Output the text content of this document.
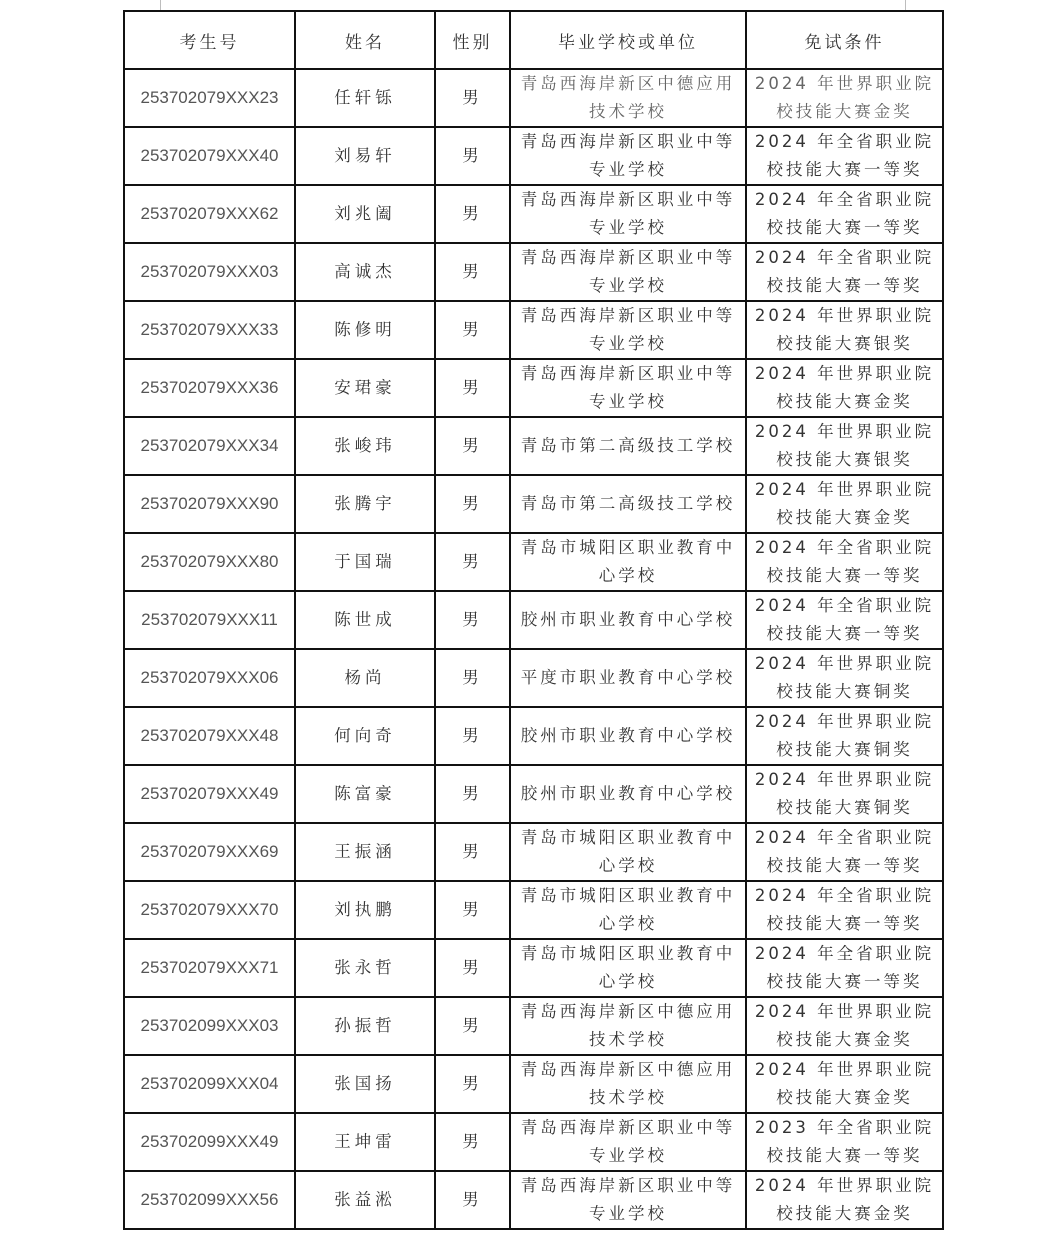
考生号	姓名	性别	毕业学校或单位	免试条件
253702079XXX23	任轩铄	男	青岛西海岸新区中德应用技术学校	2024 年世界职业院校技能大赛金奖
253702079XXX40	刘易轩	男	青岛西海岸新区职业中等专业学校	2024 年全省职业院校技能大赛一等奖
253702079XXX62	刘兆阖	男	青岛西海岸新区职业中等专业学校	2024 年全省职业院校技能大赛一等奖
253702079XXX03	高诚杰	男	青岛西海岸新区职业中等专业学校	2024 年全省职业院校技能大赛一等奖
253702079XXX33	陈修明	男	青岛西海岸新区职业中等专业学校	2024 年世界职业院校技能大赛银奖
253702079XXX36	安珺豪	男	青岛西海岸新区职业中等专业学校	2024 年世界职业院校技能大赛金奖
253702079XXX34	张峻玮	男	青岛市第二高级技工学校	2024 年世界职业院校技能大赛银奖
253702079XXX90	张腾宇	男	青岛市第二高级技工学校	2024 年世界职业院校技能大赛金奖
253702079XXX80	于国瑞	男	青岛市城阳区职业教育中心学校	2024 年全省职业院校技能大赛一等奖
253702079XXX11	陈世成	男	胶州市职业教育中心学校	2024 年全省职业院校技能大赛一等奖
253702079XXX06	杨尚	男	平度市职业教育中心学校	2024 年世界职业院校技能大赛铜奖
253702079XXX48	何向奇	男	胶州市职业教育中心学校	2024 年世界职业院校技能大赛铜奖
253702079XXX49	陈富豪	男	胶州市职业教育中心学校	2024 年世界职业院校技能大赛铜奖
253702079XXX69	王振涵	男	青岛市城阳区职业教育中心学校	2024 年全省职业院校技能大赛一等奖
253702079XXX70	刘执鹏	男	青岛市城阳区职业教育中心学校	2024 年全省职业院校技能大赛一等奖
253702079XXX71	张永哲	男	青岛市城阳区职业教育中心学校	2024 年全省职业院校技能大赛一等奖
253702099XXX03	孙振哲	男	青岛西海岸新区中德应用技术学校	2024 年世界职业院校技能大赛金奖
253702099XXX04	张国扬	男	青岛西海岸新区中德应用技术学校	2024 年世界职业院校技能大赛金奖
253702099XXX49	王坤雷	男	青岛西海岸新区职业中等专业学校	2023 年全省职业院校技能大赛一等奖
253702099XXX56	张益淞	男	青岛西海岸新区职业中等专业学校	2024 年世界职业院校技能大赛金奖
